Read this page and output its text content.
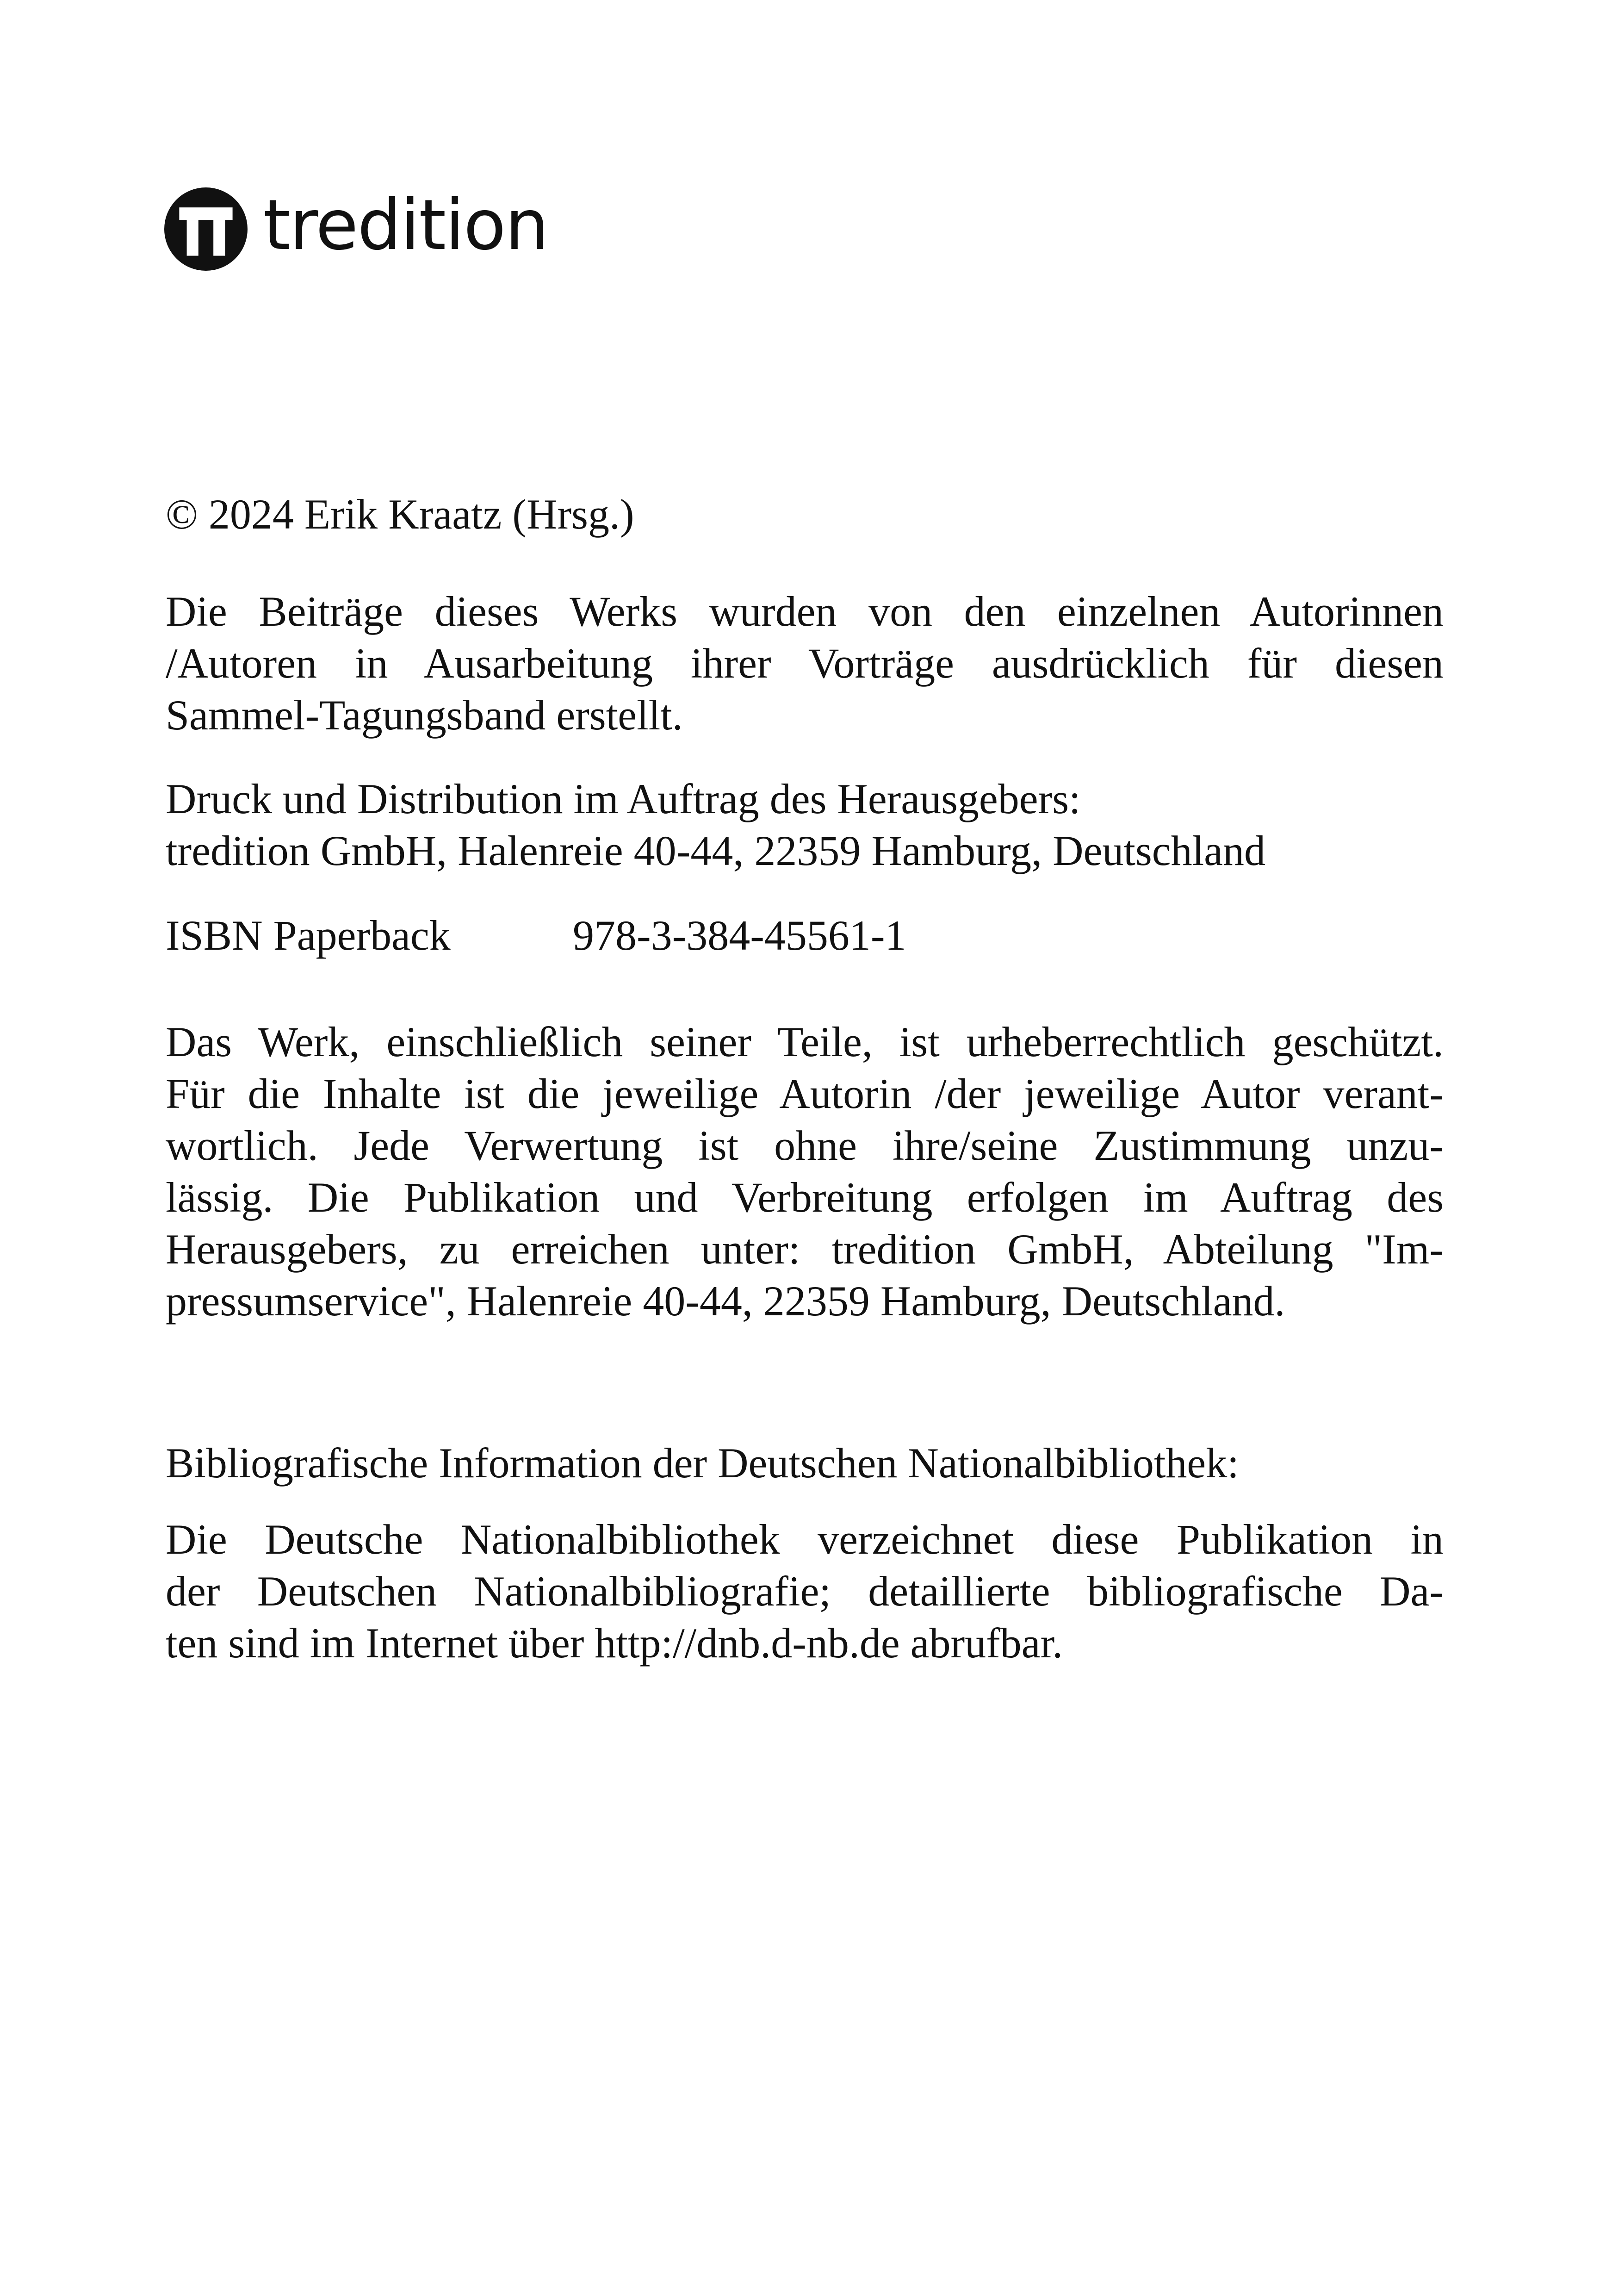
tredition

© 2024 Erik Kraatz (Hrsg.)

Die Beiträge dieses Werks wurden von den einzelnen Autorinnen
/Autoren in Ausarbeitung ihrer Vorträge ausdrücklich für diesen
Sammel-Tagungsband erstellt.
Druck und Distribution im Auftrag des Herausgebers:
tredition GmbH, Halenreie 40-44, 22359 Hamburg, Deutschland
ISBN Paperback	978-3-384-45561-1
Das Werk, einschließlich seiner Teile, ist urheberrechtlich geschützt.
Für die Inhalte ist die jeweilige Autorin /der jeweilige Autor verant-
wortlich. Jede Verwertung ist ohne ihre/seine Zustimmung unzu-
lässig. Die Publikation und Verbreitung erfolgen im Auftrag des
Herausgebers, zu erreichen unter: tredition GmbH, Abteilung "Im-
pressumservice", Halenreie 40-44, 22359 Hamburg, Deutschland.

Bibliografische Information der Deutschen Nationalbibliothek:

Die Deutsche Nationalbibliothek verzeichnet diese Publikation in
der Deutschen Nationalbibliografie; detaillierte bibliografische Da-
ten sind im Internet über http://dnb.d-nb.de abrufbar.
